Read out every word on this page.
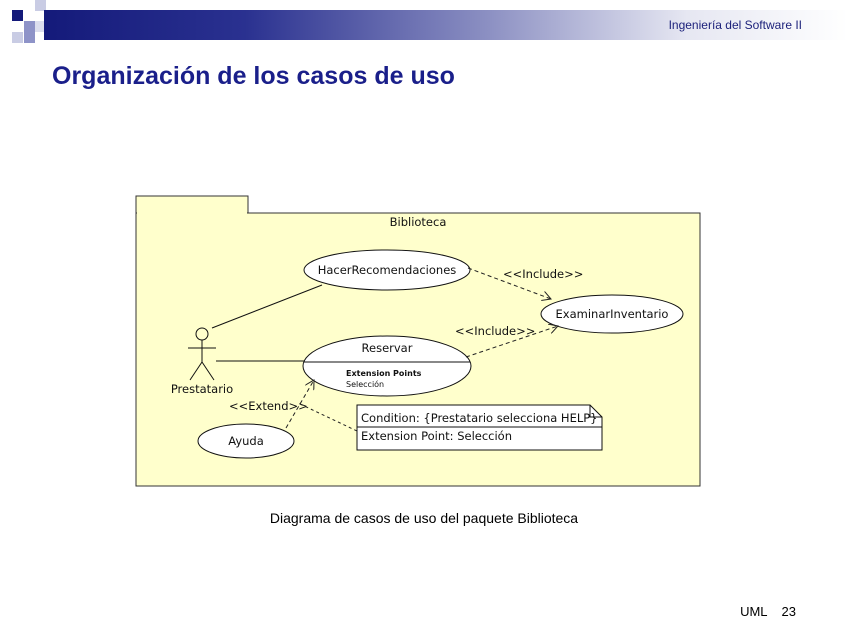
Ingeniería del Software II
Organización de los casos de uso
Biblioteca
Prestatario
HacerRecomendaciones
ExaminarInventario
Reservar
Extension Points
Selección
Ayuda
<<Include>>
<<Include>>
<<Extend>>
Condition: {Prestatario selecciona HELP}
Extension Point: Selección
Diagrama de casos de uso del paquete Biblioteca
UML 23
